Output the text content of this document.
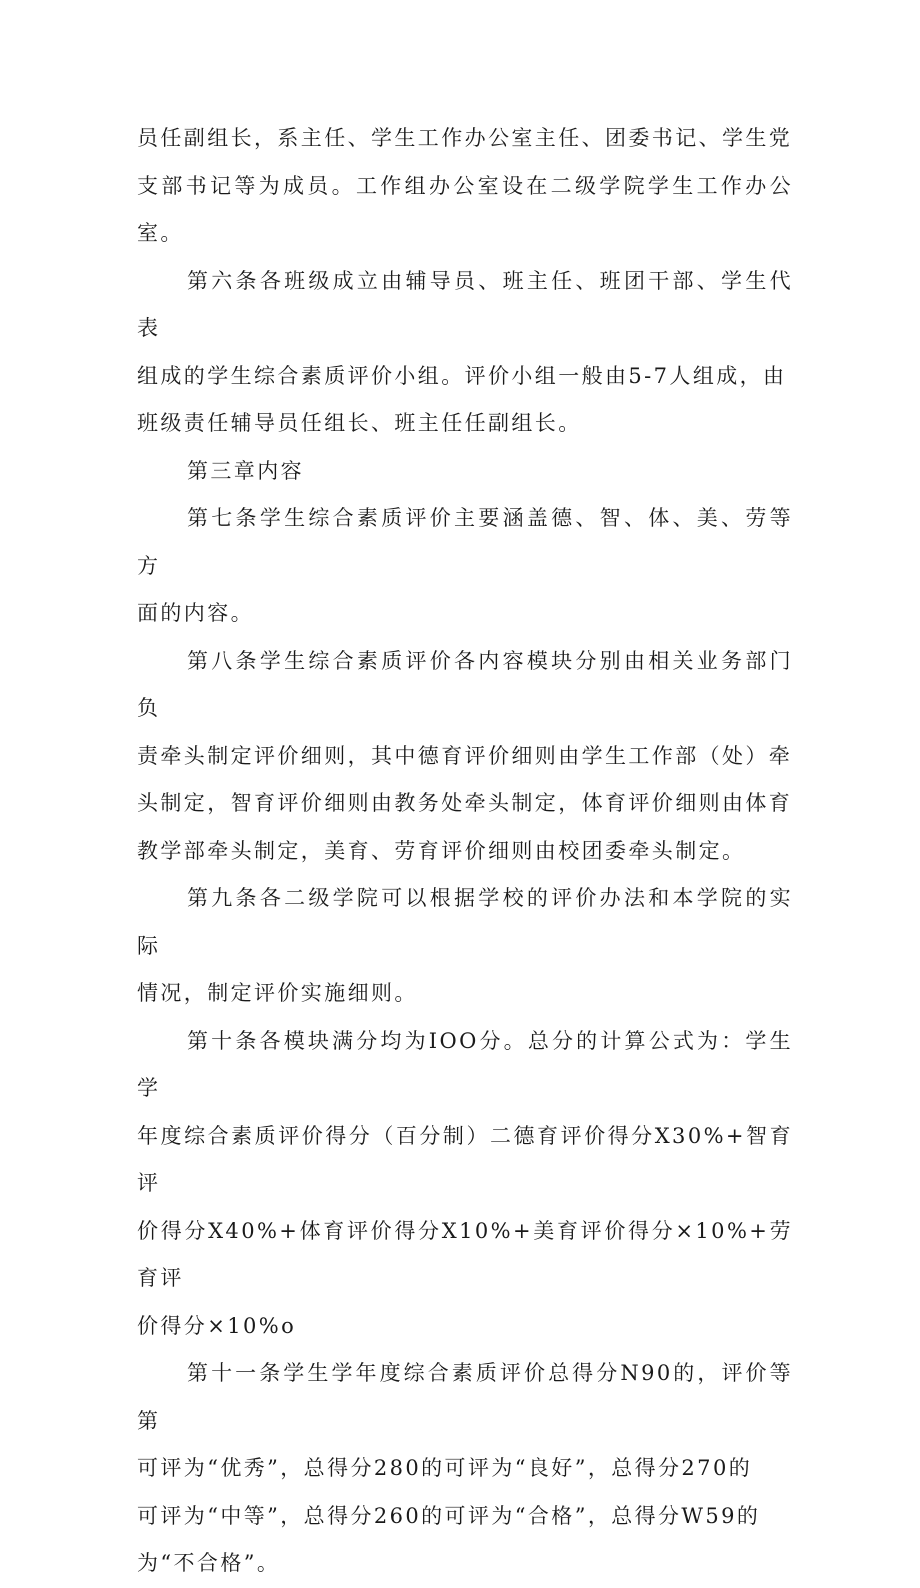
员任副组长，系主任、学生工作办公室主任、团委书记、学生党
支部书记等为成员。工作组办公室设在二级学院学生工作办公室。
第六条各班级成立由辅导员、班主任、班团干部、学生代表
组成的学生综合素质评价小组。评价小组一般由5-7人组成，由
班级责任辅导员任组长、班主任任副组长。
第三章内容
第七条学生综合素质评价主要涵盖德、智、体、美、劳等方
面的内容。
第八条学生综合素质评价各内容模块分别由相关业务部门负
责牵头制定评价细则，其中德育评价细则由学生工作部（处）牵
头制定，智育评价细则由教务处牵头制定，体育评价细则由体育
教学部牵头制定，美育、劳育评价细则由校团委牵头制定。
第九条各二级学院可以根据学校的评价办法和本学院的实际
情况，制定评价实施细则。
第十条各模块满分均为IOO分。总分的计算公式为：学生学
年度综合素质评价得分（百分制）二德育评价得分X30%+智育评
价得分X40%+体育评价得分X10%+美育评价得分×10%+劳育评
价得分×10%o
第十一条学生学年度综合素质评价总得分N90的，评价等第
可评为“优秀”，总得分280的可评为“良好”，总得分270的
可评为“中等”，总得分260的可评为“合格”，总得分W59的
为“不合格”。
